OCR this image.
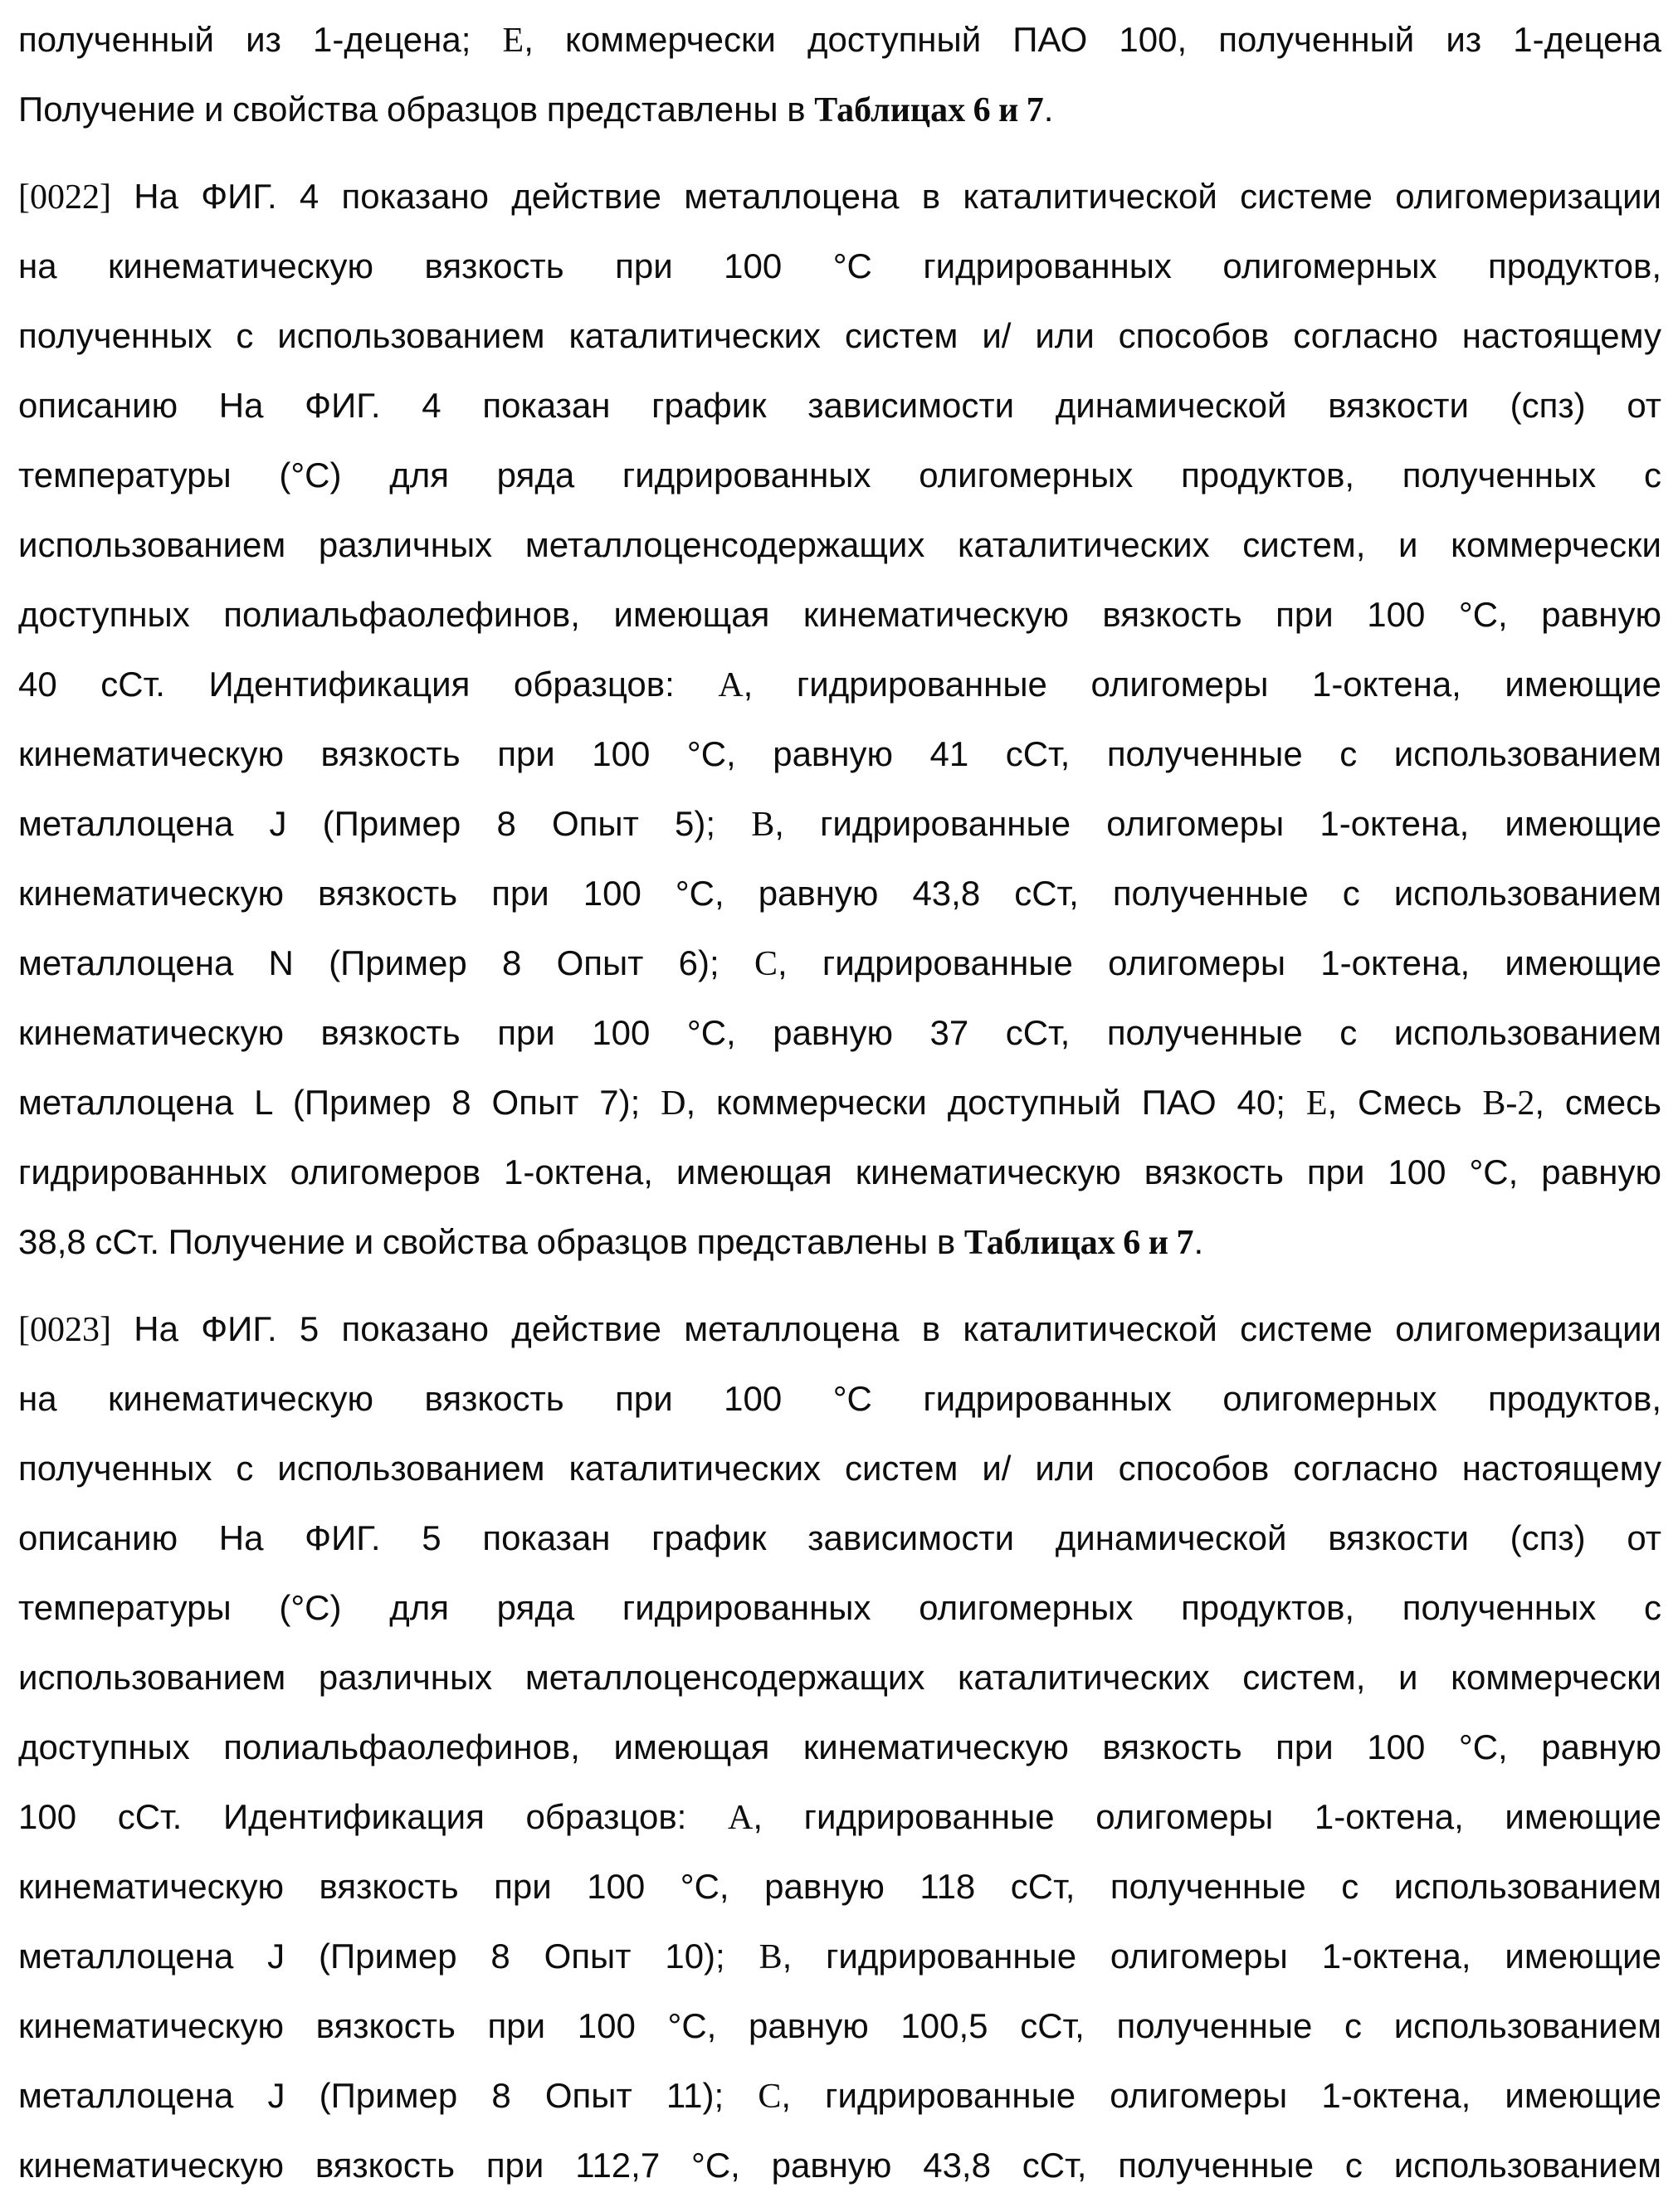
полученный из 1-децена; Е, коммерчески доступный ПАО 100, полученный из 1-децена
Получение и свойства образцов представлены в Таблицах 6 и 7.
[0022] На ФИГ. 4 показано действие металлоцена в каталитической системе олигомеризации
на кинематическую вязкость при 100 °С гидрированных олигомерных продуктов,
полученных с использованием каталитических систем и/ или способов согласно настоящему
описанию На ФИГ. 4 показан график зависимости динамической вязкости (спз) от
температуры (°С) для ряда гидрированных олигомерных продуктов, полученных с
использованием различных металлоценсодержащих каталитических систем, и коммерчески
доступных полиальфаолефинов, имеющая кинематическую вязкость при 100 °С, равную
40 сСт. Идентификация образцов: А, гидрированные олигомеры 1-октена, имеющие
кинематическую вязкость при 100 °С, равную 41 сСт, полученные с использованием
металлоцена J (Пример 8 Опыт 5); В, гидрированные олигомеры 1-октена, имеющие
кинематическую вязкость при 100 °С, равную 43,8 сСт, полученные с использованием
металлоцена N (Пример 8 Опыт 6); С, гидрированные олигомеры 1-октена, имеющие
кинематическую вязкость при 100 °С, равную 37 сСт, полученные с использованием
металлоцена L (Пример 8 Опыт 7); D, коммерчески доступный ПАО 40; Е, Смесь В-2, смесь
гидрированных олигомеров 1-октена, имеющая кинематическую вязкость при 100 °С, равную
38,8 сСт. Получение и свойства образцов представлены в Таблицах 6 и 7.
[0023] На ФИГ. 5 показано действие металлоцена в каталитической системе олигомеризации
на кинематическую вязкость при 100 °С гидрированных олигомерных продуктов,
полученных с использованием каталитических систем и/ или способов согласно настоящему
описанию На ФИГ. 5 показан график зависимости динамической вязкости (спз) от
температуры (°С) для ряда гидрированных олигомерных продуктов, полученных с
использованием различных металлоценсодержащих каталитических систем, и коммерчески
доступных полиальфаолефинов, имеющая кинематическую вязкость при 100 °С, равную
100 сСт. Идентификация образцов: А, гидрированные олигомеры 1-октена, имеющие
кинематическую вязкость при 100 °С, равную 118 сСт, полученные с использованием
металлоцена J (Пример 8 Опыт 10); В, гидрированные олигомеры 1-октена, имеющие
кинематическую вязкость при 100 °С, равную 100,5 сСт, полученные с использованием
металлоцена J (Пример 8 Опыт 11); С, гидрированные олигомеры 1-октена, имеющие
кинематическую вязкость при 112,7 °С, равную 43,8 сСт, полученные с использованием
